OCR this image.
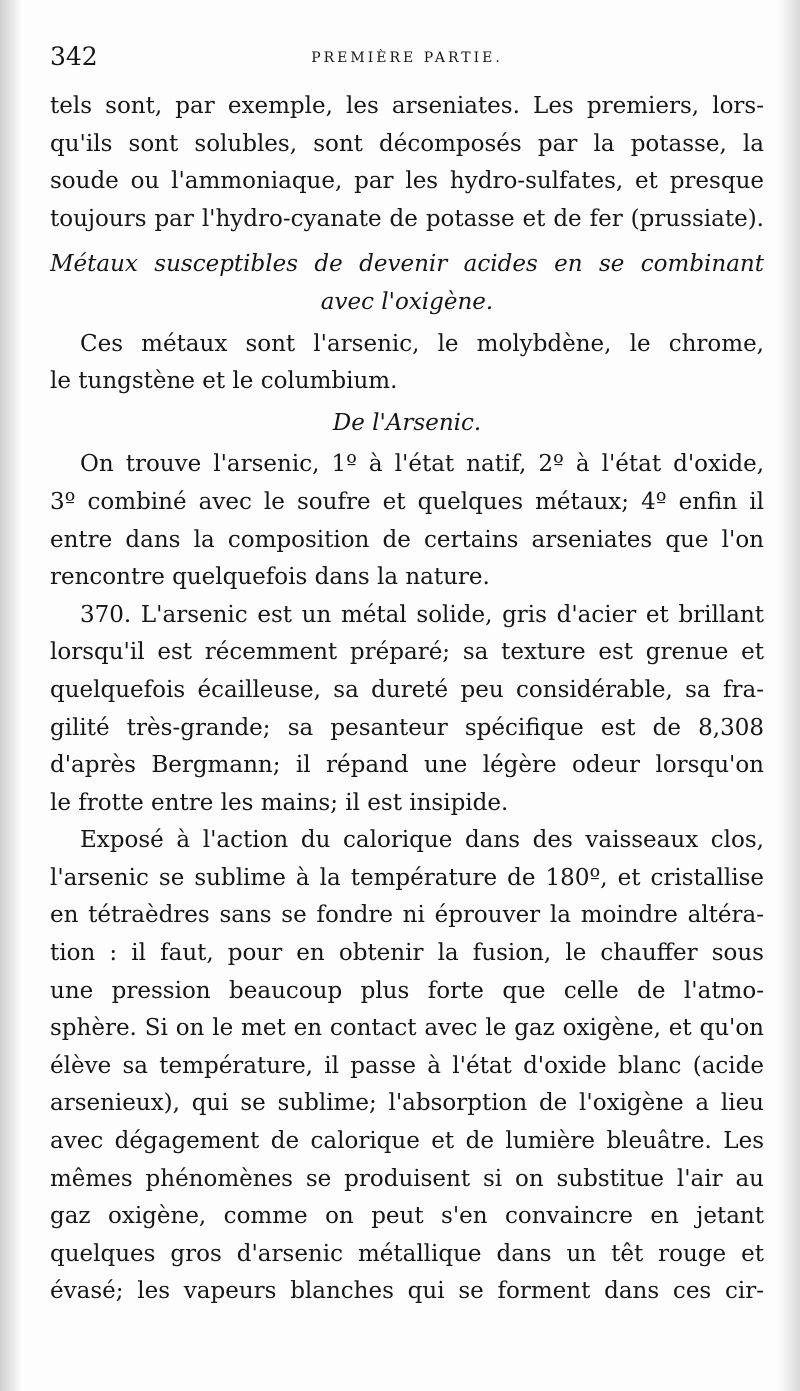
342	PREMIÈRE PARTIE.
tels sont, par exemple, les arseniates. Les premiers, lors-
qu'ils sont solubles, sont décomposés par la potasse, la
soude ou l'ammoniaque, par les hydro-sulfates, et presque
toujours par l'hydro-cyanate de potasse et de fer (prussiate).
Métaux susceptibles de devenir acides en se combinant
avec l'oxigène.
Ces métaux sont l'arsenic, le molybdène, le chrome,
le tungstène et le columbium.
De l'Arsenic.
On trouve l'arsenic, 1º à l'état natif, 2º à l'état d'oxide,
3º combiné avec le soufre et quelques métaux; 4º enfin il
entre dans la composition de certains arseniates que l'on
rencontre quelquefois dans la nature.
370. L'arsenic est un métal solide, gris d'acier et brillant
lorsqu'il est récemment préparé; sa texture est grenue et
quelquefois écailleuse, sa dureté peu considérable, sa fra-
gilité très-grande; sa pesanteur spécifique est de 8,308
d'après Bergmann; il répand une légère odeur lorsqu'on
le frotte entre les mains; il est insipide.
Exposé à l'action du calorique dans des vaisseaux clos,
l'arsenic se sublime à la température de 180º, et cristallise
en tétraèdres sans se fondre ni éprouver la moindre altéra-
tion : il faut, pour en obtenir la fusion, le chauffer sous
une pression beaucoup plus forte que celle de l'atmo-
sphère. Si on le met en contact avec le gaz oxigène, et qu'on
élève sa température, il passe à l'état d'oxide blanc (acide
arsenieux), qui se sublime; l'absorption de l'oxigène a lieu
avec dégagement de calorique et de lumière bleuâtre. Les
mêmes phénomènes se produisent si on substitue l'air au
gaz oxigène, comme on peut s'en convaincre en jetant
quelques gros d'arsenic métallique dans un têt rouge et
évasé; les vapeurs blanches qui se forment dans ces cir-
